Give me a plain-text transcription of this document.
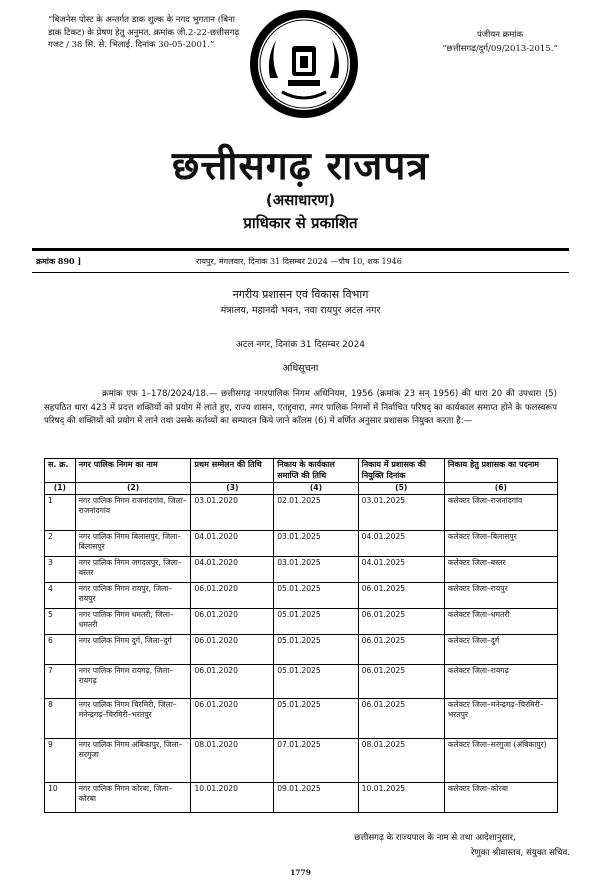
“बिजनेस पोस्ट के अन्तर्गत डाक शुल्क के नगद भुगतान (बिना डाक टिकट) के प्रेषण हेतु अनुमत. क्रमांक जी.2-22-छत्तीसगढ़ गजट / 38 सि. से. भिलाई. दिनांक 30-05-2001.”
पंजीयन क्रमांक
“छत्तीसगढ़/दुर्ग/09/2013-2015.”
छत्तीसगढ़ राजपत्र
(असाधारण)
प्राधिकार से प्रकाशित
क्रमांक 890 ]	रायपुर, मंगलवार, दिनांक 31 दिसम्बर 2024 —पौष 10, शक 1946
नगरीय प्रशासन एवं विकास विभाग
मंत्रालय, महानदी भवन, नवा रायपुर अटल नगर
अटल नगर, दिनांक 31 दिसम्बर 2024
अधिसूचना
क्रमांक एफ 1–178/2024/18.— छत्तीसगढ़ नगरपालिक निगम अधिनियम, 1956 (क्रमांक 23 सन् 1956) की धारा 20 की उपधारा (5) सहपठित धारा 423 में प्रदत्त शक्तियों को प्रयोग में लाते हुए, राज्य शासन, एतद्द्वारा, नगर पालिक निगमों में निर्वाचित परिषद् का कार्यकाल समाप्त होने के फलस्वरूप परिषद् की शक्तियों को प्रयोग में लाने तथा उसके कर्तव्यों का सम्पादन किये जाने कॉलम (6) में वर्णित अनुसार प्रशासक नियुक्त करता है:—
स. क्र.	नगर पालिक निगम का नाम	प्रथम सम्मेलन की तिथि	निकाय के कार्यकाल समाप्ति की तिथि	निकाय में प्रशासक की नियुक्ति दिनांक	निकाय हेतु प्रशासक का पदनाम
(1)	(2)	(3)	(4)	(5)	(6)
1	नगर पालिक निगम राजनांदगांव, जिला–राजनांदगांव	03.01.2020	02.01.2025	03.01.2025	कलेक्टर जिला–राजनांदगांव
2	नगर पालिक निगम बिलासपुर, जिला–बिलासपुर	04.01.2020	03.01.2025	04.01.2025	कलेक्टर जिला–बिलासपुर
3	नगर पालिक निगम जगदलपुर, जिला–बस्तर	04.01.2020	03.01.2025	04.01.2025	कलेक्टर जिला–बस्तर
4	नगर पालिक निगम रायपुर, जिला–रायपुर	06.01.2020	05.01.2025	06.01.2025	कलेक्टर जिला–रायपुर
5	नगर पालिक निगम धमतरी, जिला–धमतरी	06.01.2020	05.01.2025	06.01.2025	कलेक्टर जिला–धमतरी
6	नगर पालिक निगम दुर्ग, जिला–दुर्ग	06.01.2020	05.01.2025	06.01.2025	कलेक्टर जिला–दुर्ग
7	नगर पालिक निगम रायगढ़, जिला–रायगढ़	06.01.2020	05.01.2025	06.01.2025	कलेक्टर जिला–रायगढ़
8	नगर पालिक निगम चिरमिरी, जिला–मनेन्द्रगढ़–चिरमिरी–भरतपुर	06.01.2020	05.01.2025	06.01.2025	कलेक्टर जिला–मनेन्द्रगढ़–चिरमिरी–भरतपुर
9	नगर पालिक निगम अंबिकापुर, जिला–सरगुजा	08.01.2020	07.01.2025	08.01.2025	कलेक्टर जिला–सरगुजा (अंबिकापुर)
10	नगर पालिक निगम कोरबा, जिला–कोरबा	10.01.2020	09.01.2025	10.01.2025	कलेक्टर जिला–कोरबा
छत्तीसगढ़ के राज्यपाल के नाम से तथा आदेशानुसार,
रेणुका श्रीवास्तव, संयुक्त सचिव.
1779
